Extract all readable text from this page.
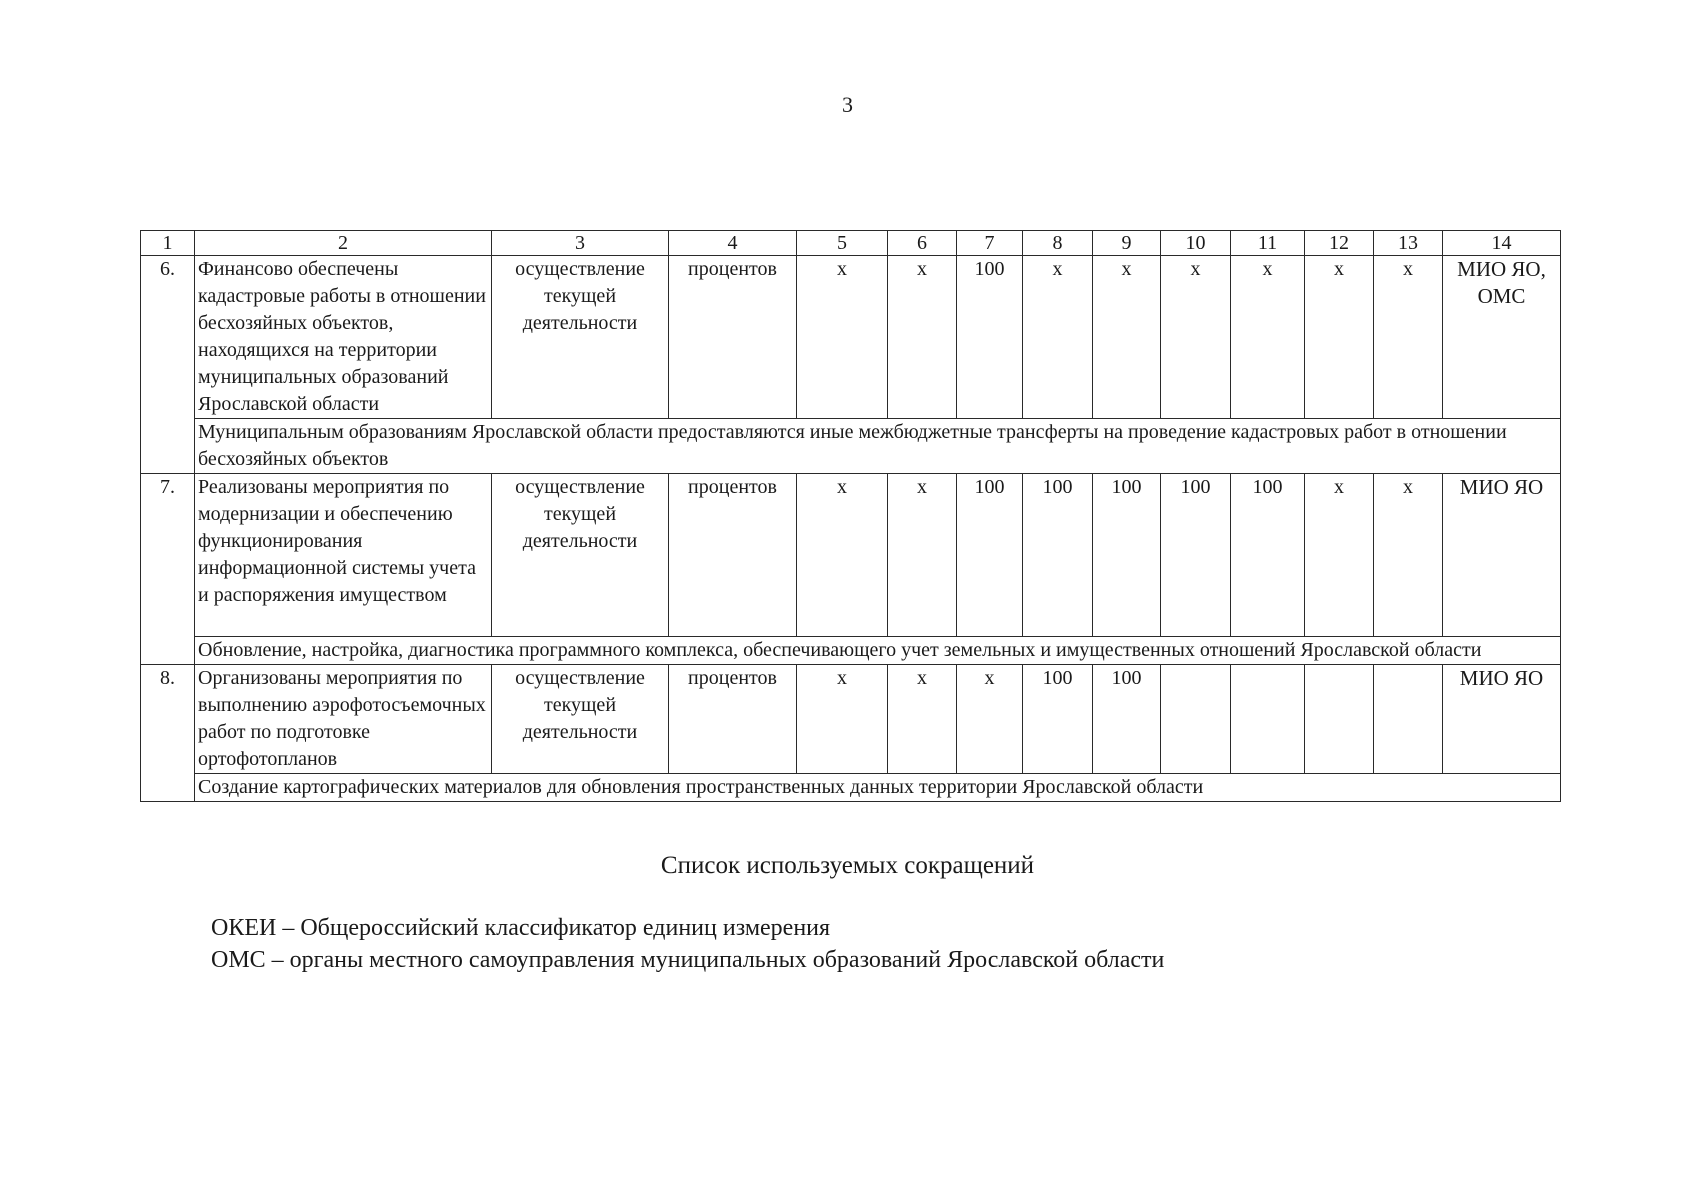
3
1	2	3	4	5	6	7	8	9	10	11	12	13	14
6.	Финансово обеспечены кадастровые работы в отношении бесхозяйных объектов, находящихся на территории муниципальных образований Ярославской области	осуществление текущей деятельности	процентов	х	х	100	х	х	х	х	х	х	МИО ЯО, ОМС
	Муниципальным образованиям Ярославской области предоставляются иные межбюджетные трансферты на проведение кадастровых работ в отношении бесхозяйных объектов												
7.	Реализованы мероприятия по модернизации и обеспечению функционирования информационной системы учета и распоряжения имуществом	осуществление текущей деятельности	процентов	х	х	100	100	100	100	100	х	х	МИО ЯО
	Обновление, настройка, диагностика программного комплекса, обеспечивающего учет земельных и имущественных отношений Ярославской области												
8.	Организованы мероприятия по выполнению аэрофотосъемочных работ по подготовке ортофотопланов	осуществление текущей деятельности	процентов	х	х	х	100	100					МИО ЯО
	Создание картографических материалов для обновления пространственных данных территории Ярославской области												
Список используемых сокращений
ОКЕИ – Общероссийский классификатор единиц измерения
ОМС – органы местного самоуправления муниципальных образований Ярославской области
